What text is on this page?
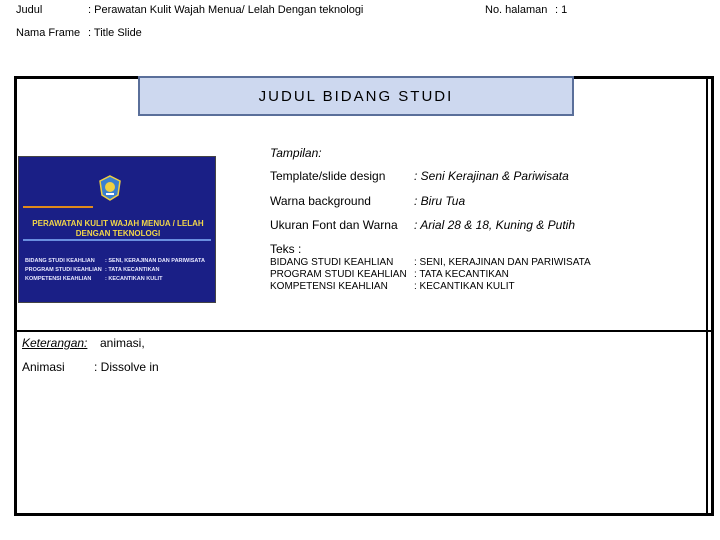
Judul	: Perawatan Kulit Wajah Menua/ Lelah Dengan teknologi	No. halaman : 1
Nama Frame : Title Slide
JUDUL BIDANG STUDI
PERAWATAN KULIT WAJAH MENUA / LELAH
DENGAN TEKNOLOGI
BIDANG STUDI KEAHLIAN : SENI, KERAJINAN DAN PARIWISATA
PROGRAM STUDI KEAHLIAN : TATA KECANTIKAN
KOMPETENSI KEAHLIAN : KECANTIKAN KULIT
Tampilan:
Template/slide design : Seni Kerajinan & Pariwisata
Warna background	: Biru Tua
Ukuran Font dan Warna : Arial 28 & 18, Kuning & Putih
Teks :
BIDANG STUDI KEAHLIAN : SENI, KERAJINAN DAN PARIWISATA
PROGRAM STUDI KEAHLIAN : TATA KECANTIKAN
KOMPETENSI KEAHLIAN	: KECANTIKAN KULIT
Keterangan: animasi,
Animasi : Dissolve in
